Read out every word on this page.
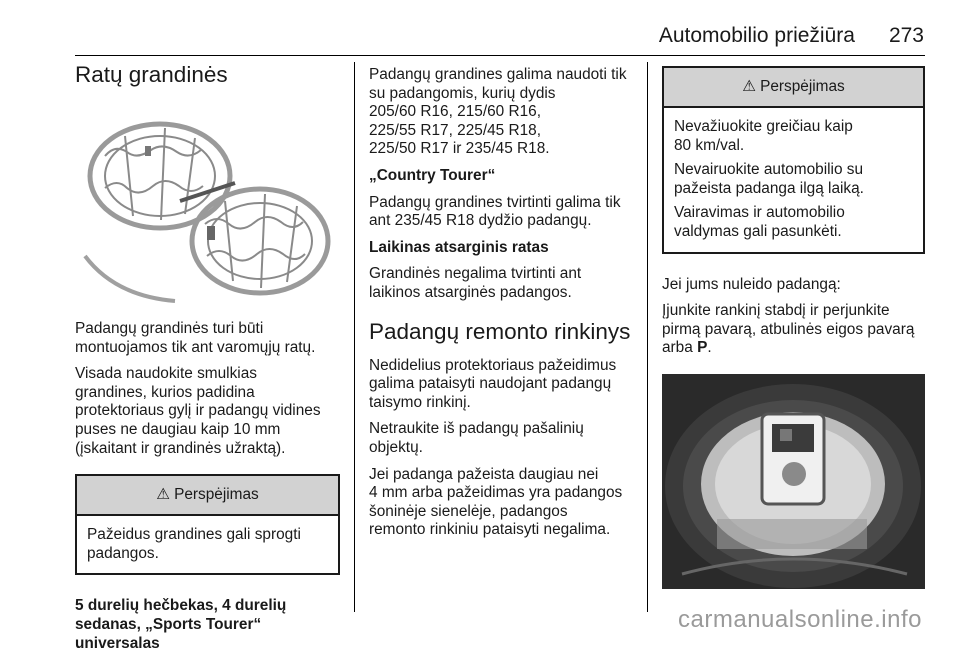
Automobilio priežiūra 273
Ratų grandinės

Padangų grandinės turi būti
montuojamos tik ant varomųjų ratų.

Visada naudokite smulkias
grandines, kurios padidina
protektoriaus gylį ir padangų vidines
puses ne daugiau kaip 10 mm
(įskaitant ir grandinės užraktą).

⚠ Perspėjimas

Pažeidus grandines gali sprogti
padangos.

5 durelių hečbekas, 4 durelių
sedanas, „Sports Tourer“ universalas

Padangų grandines galima naudoti tik
su padangomis, kurių dydis
205/60 R16, 215/60 R16,
225/55 R17, 225/45 R18,
225/50 R17 ir 235/45 R18.

„Country Tourer“

Padangų grandines tvirtinti galima tik
ant 235/45 R18 dydžio padangų.

Laikinas atsarginis ratas

Grandinės negalima tvirtinti ant
laikinos atsarginės padangos.

Padangų remonto rinkinys

Nedidelius protektoriaus pažeidimus
galima pataisyti naudojant padangų
taisymo rinkinį.

Netraukite iš padangų pašalinių
objektų.

Jei padanga pažeista daugiau nei
4 mm arba pažeidimas yra padangos
šoninėje sienelėje, padangos
remonto rinkiniu pataisyti negalima.

⚠ Perspėjimas

Nevažiuokite greičiau kaip
80 km/val.

Nevairuokite automobilio su
pažeista padanga ilgą laiką.

Vairavimas ir automobilio
valdymas gali pasunkėti.

Jei jums nuleido padangą:

Įjunkite rankinį stabdį ir perjunkite
pirmą pavarą, atbulinės eigos pavarą
arba P.

carmanualsonline.info
